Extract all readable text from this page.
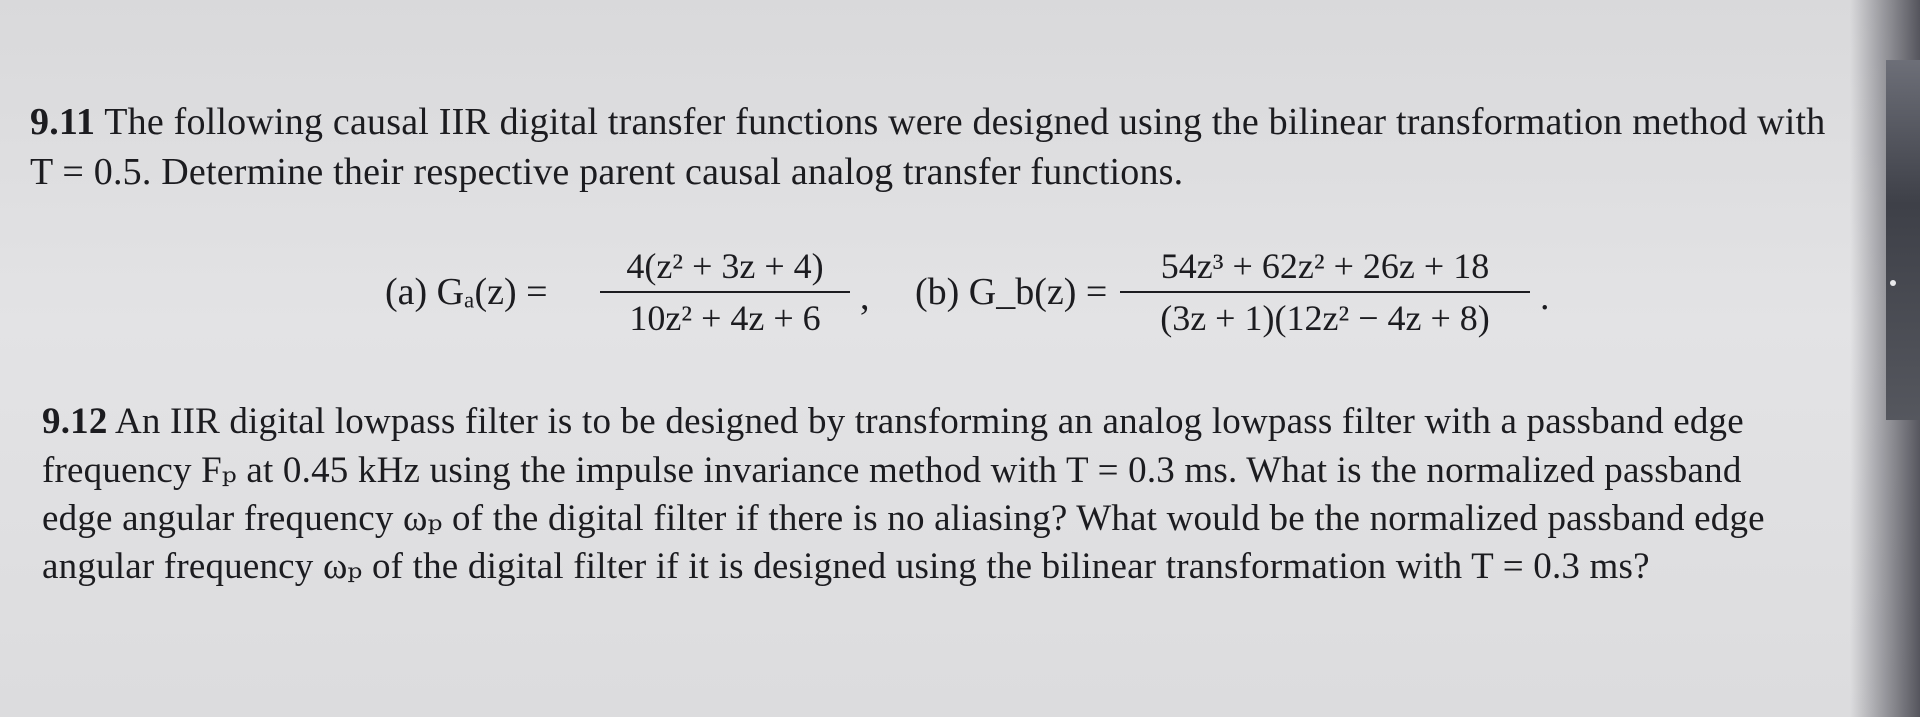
9.11 The following causal IIR digital transfer functions were designed using the bilinear transformation method with
T = 0.5. Determine their respective parent causal analog transfer functions.
(a) Gₐ(z) =
4(z² + 3z + 4)
10z² + 4z + 6	, (b) G_b(z) =
54z³ + 62z² + 26z + 18
(3z + 1)(12z² − 4z + 8)	.
9.12 An IIR digital lowpass filter is to be designed by transforming an analog lowpass filter with a passband edge
frequency Fₚ at 0.45 kHz using the impulse invariance method with T = 0.3 ms. What is the normalized passband
edge angular frequency ωₚ of the digital filter if there is no aliasing? What would be the normalized passband edge
angular frequency ωₚ of the digital filter if it is designed using the bilinear transformation with T = 0.3 ms?
